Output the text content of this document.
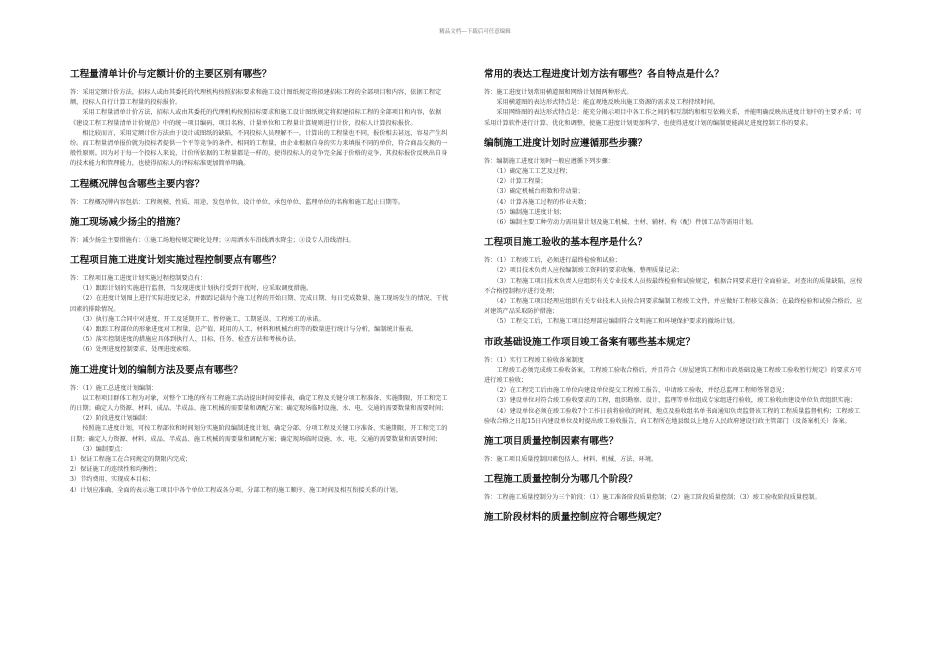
精品文档---下载后可任意编辑
工程量清单计价与定额计价的主要区别有哪些？
答：采用定额计价方法，招标人或由其委托的代理机构按照招标要求和施工设计图纸规定将拟建招标工程的全部项目和内容，依据工程定额，投标人自行计算工程量的投标报价。
　　采用工程量清单计价方法，招标人或由其委托的代理机构按照招标要求和施工设计图纸规定将拟建招标工程的全部项目和内容，依据《建设工程工程量清单计价规范》中的统一项目编码、项目名称、计量单位和工程量计算规则进行计价，投标人计算投标报价。
　　相比较而言，采用定额计价方法由于设计或图纸的缺陷，不同投标人员理解不一，计算出的工程量也不同，报价相去甚远，容易产生纠纷。而工程量清单报价就为投标者提供一个平等竞争的条件，相同的工程量，由企业根据自身的实力来填报不同的单价，符合商品交换的一般性原则。因为对于每一个投标人来说，计价所依据的工程量都是一样的，使得投标人的竞争完全属于价格的竞争，其投标报价反映出自身的技术能力和管理能力，也使得招标人的评标标准更加简单明确。
工程概况牌包含哪些主要内容？
答：工程概况牌内容包括：工程规模、性质、用途、发包单位、设计单位、承包单位、监理单位的名称和施工起止日期等。
施工现场减少扬尘的措施？
答：减少扬尘主要措施有：①施工场地按规定硬化处理；②用洒水车沿线洒水降尘；③设专人沿线清扫。
工程项目施工进度计划实施过程控制要点有哪些？
答：工程项目施工进度计划实施过程控制要点有：
　　（1）跟踪计划的实施进行监督，当发现进度计划执行受到干扰时，应采取调度措施。
　　（2）在进度计划图上进行实际进度记录，并跟踪记载每个施工过程的开始日期、完成日期、每日完成数量、施工现场发生的情况、干扰因素的排除情况。
　　（3）执行施工合同中对进度、开工及延期开工、暂停施工、工期延误、工程竣工的承诺。
　　（4）跟踪工程部位的形象进度对工程量、总产值、耗用的人工、材料和机械台班等的数量进行统计与分析，编制统计报表。
　　（5）落实控制进度的措施应具体到执行人、目标、任务、检查方法和考核办法。
　　（6）处理进度控制要求，处理进度索赔。
施工进度计划的编制方法及要点有哪些？
答：（1）施工总进度计划编制：
　　以工程项目群体工程为对象，对整个工地的所有工程施工活动提出时间安排表，确定工程及关键分项工程准备、实施期限，开工和完工的日期；确定人力资源、材料、成品、半成品、施工机械的需要量和调配方案；确定现场临时设施、水、电、交通的需要数量和需要时间；
　　（2）阶段进度计划编制：
　　按照施工进度计划，可按工程部位和时间划分实施阶段编制进度计划，确定分部、分项工程及关键工序准备、实施期限，开工和完工的日期；确定人力资源、材料、成品、半成品、施工机械的需要量和调配方案；确定现场临时设施、水、电、交通的需要数量和需要时间；
　　（3）编制要点：
1）保证工程施工在合同规定的期限内完成；
2）保证施工的连续性和均衡性；
3）节约费用、实现成本目标；
4）计划应准确、全面的表示施工项目中各个单位工程或各分项、分部工程的施工顺序、施工时间及相互衔接关系的计划。
常用的表达工程进度计划方法有哪些？各自特点是什么？
答：施工进度计划常用横道图和网络计划图两种形式。
　　采用横道图的表达形式特点是：能直观地反映出施工资源的需求及工程持续时间。
　　采用网络图的表达形式特点是：能充分揭示项目中各工作之间的相互制约和相互依赖关系，并能明确反映出进度计划中的主要矛盾；可采用计算软件进行计算、优化和调整，使施工进度计划更加科学，也使得进度计划的编制更能满足进度控制工作的要求。
编制施工进度计划时应遵循那些步骤？
答：编制施工进度计划时一般应遵循下列步骤：
　　（1）确定施工工艺及过程；
　　（2）计算工程量；
　　（3）确定机械台班数和劳动量；
　　（4）计算各施工过程的作业天数；
　　（5）编制施工进度计划；
　　（6）编制主要工种劳动力需用量计划及施工机械、主材、辅材、构（配）件加工品等需用计划。
工程项目施工验收的基本程序是什么？
答：（1）工程竣工后，必须进行最终检验和试验；
　　（2）项目技术负责人应按编制竣工资料的要求收集、整理质量记录；
　　（3）工程施工项目技术负责人应组织有关专业技术人员按最终检验和试验规定，根据合同要求进行全面验证，对查出的质量缺陷，应按不合格控制程序进行处理；
　　（4）工程施工项目经理应组织有关专业技术人员按合同要求编制工程竣工文件，并应做好工程移交准备；在最终检验和试验合格后，应对建筑产品采取防护措施；
　　（5）工程交工后，工程施工项目经理部应编制符合文明施工和环境保护要求的撤场计划。
市政基础设施工作项目竣工备案有哪些基本规定？
答：（1）实行工程竣工验收备案制度
　　工程竣工必须完成竣工验收备案，工程竣工验收合格后，并且符合《房屋建筑工程和市政基础设施工程竣工验收暂行规定》的要求方可进行竣工验收；
　　（2）在工程完工后由施工单位向建设单位提交工程竣工报告，申请竣工验收，并经总监理工程师签署意见；
　　（3）建设单位对符合竣工验收要求的工程，组织勘察、设计、监理等单位组成专家组进行验收，竣工验收由建设单位负责组织实施；
　　（4）建设单位必须在竣工验收7个工作日前将验收的时间、地点及验收组名单书面通知负责监督该工程的工程质量监督机构；工程竣工验收合格之日起15日内建设单位及时提出竣工验收报告，向工程所在地县级以上地方人民政府建设行政主管部门（及备案机关）备案。
施工项目质量控制因素有哪些？
答：施工项目质量控制因素包括人、材料、机械、方法、环境。
工程施工质量控制分为哪几个阶段？
答：工程施工质量控制分为三个阶段：（1）施工准备阶段质量控制；（2）施工阶段质量控制；（3）竣工验收阶段质量控制。
施工阶段材料的质量控制应符合哪些规定？
